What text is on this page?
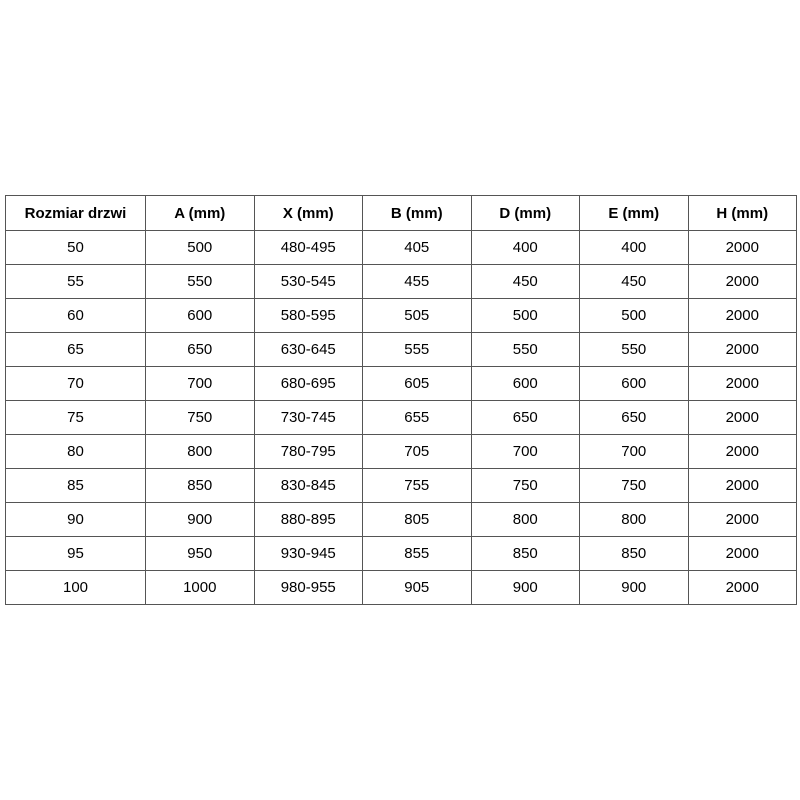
Rozmiar drzwi	A (mm)	X (mm)	B (mm)	D (mm)	E (mm)	H (mm)
50	500	480-495	405	400	400	2000
55	550	530-545	455	450	450	2000
60	600	580-595	505	500	500	2000
65	650	630-645	555	550	550	2000
70	700	680-695	605	600	600	2000
75	750	730-745	655	650	650	2000
80	800	780-795	705	700	700	2000
85	850	830-845	755	750	750	2000
90	900	880-895	805	800	800	2000
95	950	930-945	855	850	850	2000
100	1000	980-955	905	900	900	2000
